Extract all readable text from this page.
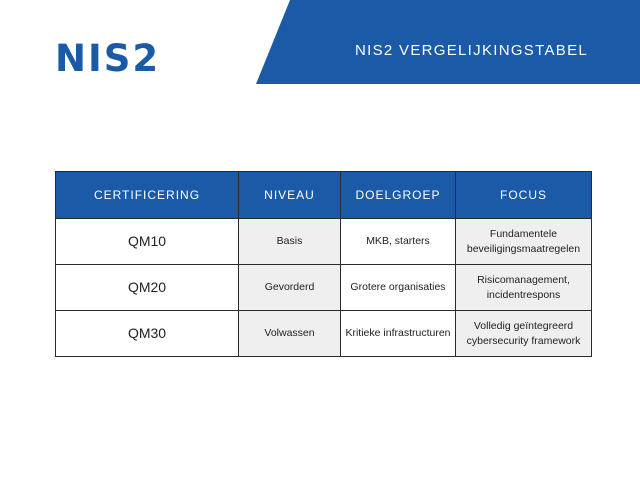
NIS2	NIS2 VERGELIJKINGSTABEL
CERTIFICERING	NIVEAU	DOELGROEP	FOCUS
QM10	Basis	MKB, starters	Fundamentele
beveiligingsmaatregelen

QM20	Gevorderd	Grotere organisaties	Risicomanagement,
incidentrespons

QM30	Volwassen	Kritieke infrastructuren	Volledig geïntegreerd
cybersecurity framework
